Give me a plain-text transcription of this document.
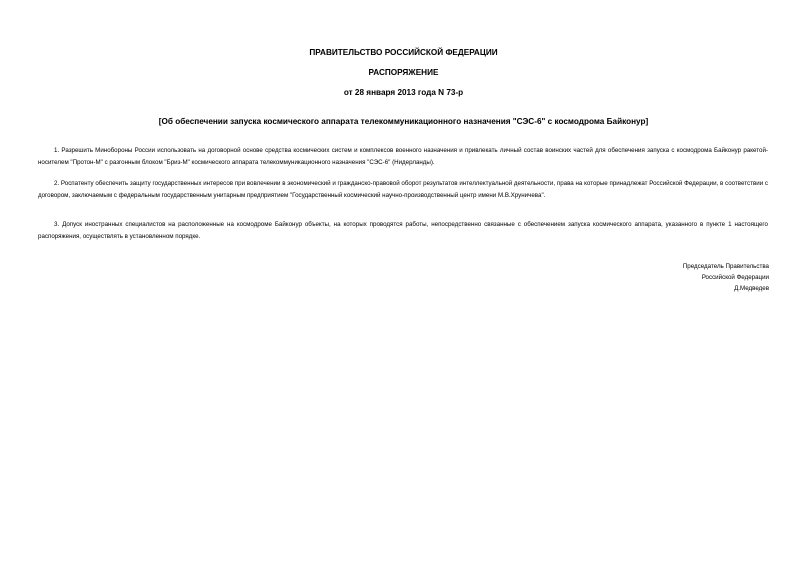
ПРАВИТЕЛЬСТВО РОССИЙСКОЙ ФЕДЕРАЦИИ
РАСПОРЯЖЕНИЕ
от 28 января 2013 года N 73-р
[Об обеспечении запуска космического аппарата телекоммуникационного назначения "СЭС-6" с космодрома Байконур]

1. Разрешить Минобороны России использовать на договорной основе средства космических систем и комплексов военного назначения и привлекать личный состав воинских частей для обеспечения запуска с космодрома Байконур ракетой-носителем "Протон-М" с разгонным блоком "Бриз-М" космического аппарата телекоммуникационного назначения "СЭС-6" (Нидерланды).

2. Роспатенту обеспечить защиту государственных интересов при вовлечении в экономический и гражданско-правовой оборот результатов интеллектуальной деятельности, права на которые принадлежат Российской Федерации, в соответствии с договором, заключаемым с федеральным государственным унитарным предприятием "Государственный космический научно-производственный центр имени М.В.Хруничева".

3. Допуск иностранных специалистов на расположенные на космодроме Байконур объекты, на которых проводятся работы, непосредственно связанные с обеспечением запуска космического аппарата, указанного в пункте 1 настоящего распоряжения, осуществлять в установленном порядке.

Председатель Правительства
Российской Федерации
Д.Медведев
